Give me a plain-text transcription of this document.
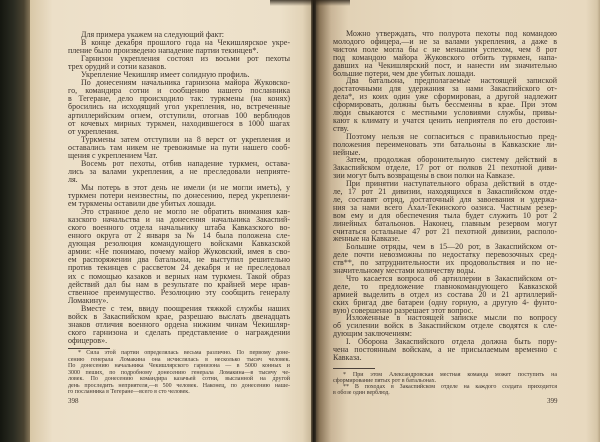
Для примера укажем на следующий факт:
В конце декабря прошлого года на Чекишлярское укре-
пление было произведено нападение партии текинцев*.
Гарнизон укрепления состоял из восьми рот пехоты
трех орудий и сотни казаков.
Укрепление Чекишляр имеет солидную профиль.
По донесениям начальника гарнизона майора Жуковско-
го, командира сотни и сообщению нашего посланника
в Тегеране, дело происходило так: туркмены (на конях)
бросились на исходящий угол укрепления, но, встреченные
артиллерийским огнем, отступили, отогнав 100 верблюдов
от кочевых мирных туркмен, находившегося в 1000 шагах
от укрепления.
Туркмены затем отступили на 8 верст от укрепления и
оставались там никем не тревожимые на пути нашего сооб-
щения с укреплением Чат.
Восемь рот пехоты, отбив нападение туркмен, остава-
лись за валами укрепления, а не преследовали неприяте-
ля.
Мы потерь в этот день не имели (и не могли иметь), у
туркмен потери неизвестны, по донесению, перед укреплени-
ем туркмены оставили две убитых лошади.
Это странное дело не могло не обратить внимания кав-
казского начальства и на донесения начальника Закаспий-
ского военного отдела начальнику штаба Кавказского во-
енного округа от 2 января за № 14 была положена сле-
дующая резолюция командующего войсками Кавказской
армии: «Не понимаю, почему майор Жуковский, имея в сво-
ем распоряжении два батальона, не выступил решительно
против текинцев с рассветом 24 декабря и не преследовал
их с помощью казаков и верных нам туркмен. Такой образ
действий дал бы нам в результате по крайней мере нрав-
ственное преимущество. Резолюцию эту сообщить генералу
Ломакину».
Вместе с тем, ввиду поощрения тяжкой службы наших
войск в Закаспийском крае, разрешаю выслать двенадцать
знаков отличия военного ордена нижним чинам Чекишляр-
ского гарнизона и сделать представление о награждении
офицеров».
* Сила этой партии определялась весьма различно. По первому доне-
сению генерала Ломакина она исчислялась в несколько тысяч человек.
По донесению начальника Чекишлярского гарнизона — в 5000 конных и
3000 пеших, по подробному донесению генерала Ломакина—в тысячу че-
ловек. По донесению командира казачьей сотни, высланной на другой
день проследить неприятеля,—в 500 человек. Наконец, по донесению наше-
го посланника в Тегеране—всего в сто человек.
398
Можно утверждать, что полурота пехоты под командою
молодого офицера,—и не за валами укрепления, а даже в
чистом поле могла бы с не меньшим успехом, чем 8 рот
под командою майора Жуковского отбить туркмен, напа-
давших на Чекишлярский пост, и нанести им значительно
большие потери, чем две убитых лошади.
Два батальона, предполагаемые настоящей запиской
достаточными для удержания за нами Закаспийского от-
дела*, из коих один уже сформирован, а другой надлежит
сформировать, должны быть бессменны в крае. При этом
люди свыкаются с местными условиями службы, привы-
кают к климату и учатся ценить неприятеля по его достоин-
ству.
Поэтому нельзя не согласиться с правильностью пред-
положения переименовать эти батальоны в Кавказские ли-
нейные.
Затем, продолжая оборонительную систему действий в
Закаспийском отделе, 17 рот от полков 21 пехотной диви-
зии могут быть возвращены в свои полки на Кавказе.
При принятии наступательного образа действий в отде-
ле, 17 рот 21 дивизии, находящихся в Закаспийском отде-
ле, составят отряд, достаточный для завоевания и удержа-
ния за нами всего Ахал-Текинского оазиса. Частным резер-
вом ему и для обеспечения тыла будет служить 10 рот 2
линейных батальонов. Наконец, главным резервом могут
считаться остальные 47 рот 21 пехотной дивизии, располо-
женные на Кавказе.
Большие отряды, чем в 15—20 рот, в Закаспийском от-
деле почти невозможны по недостатку перевозочных сред-
ств**, по затруднительности их продовольствия и по не-
значительному местами количеству воды.
Что касается вопроса об артиллерии в Закаспийском от-
деле, то предложение главнокомандующего Кавказской
армией выделить в отдел из состава 20 и 21 артиллерий-
ских бригад две батареи (одну горную, а другую 4- фунто-
вую) совершенно разрешает этот вопрос.
Изложенные в настоящей записке мысли по вопросу
об усилении войск в Закаспийском отделе сводятся к сле-
дующим заключениям:
I. Оборона Закаспийского отдела должна быть пору-
чена постоянным войскам, а не присылаемым временно с
Кавказа.
* При этом Александровская местная команда может поступить на
сформирование пятых рот в батальонах.
** В походах в Закаспийском отделе на каждого солдата приходится
в обозе один верблюд.
399
